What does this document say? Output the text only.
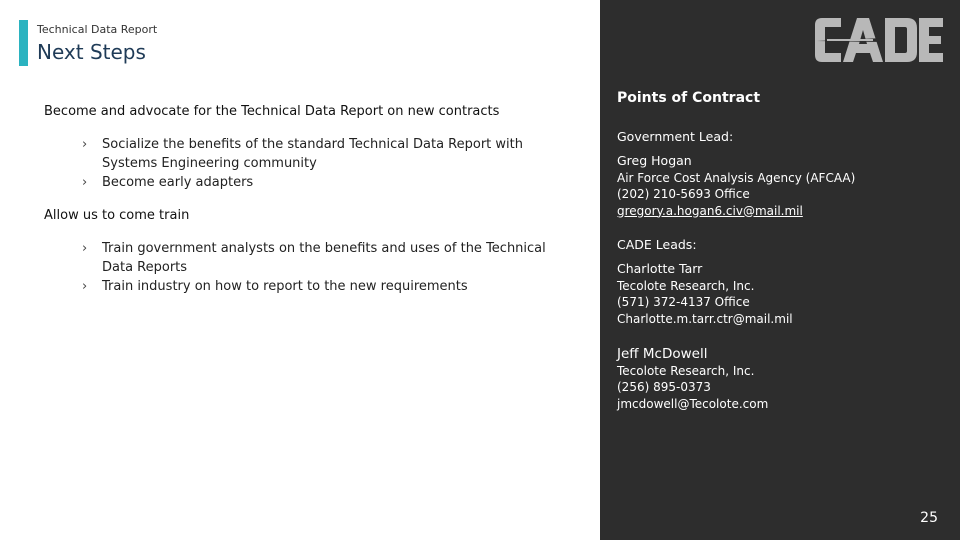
Technical Data Report
Next Steps
Become and advocate for the Technical Data Report on new contracts
› Socialize the benefits of the standard Technical Data Report with Systems Engineering community
› Become early adapters
Allow us to come train
› Train government analysts on the benefits and uses of the Technical Data Reports
› Train industry on how to report to the new requirements
Points of Contract
Government Lead:
Greg Hogan
Air Force Cost Analysis Agency (AFCAA)
(202) 210-5693 Office
gregory.a.hogan6.civ@mail.mil
CADE Leads:
Charlotte Tarr
Tecolote Research, Inc.
(571) 372-4137 Office
Charlotte.m.tarr.ctr@mail.mil
Jeff McDowell
Tecolote Research, Inc.
(256) 895-0373
jmcdowell@Tecolote.com
25
